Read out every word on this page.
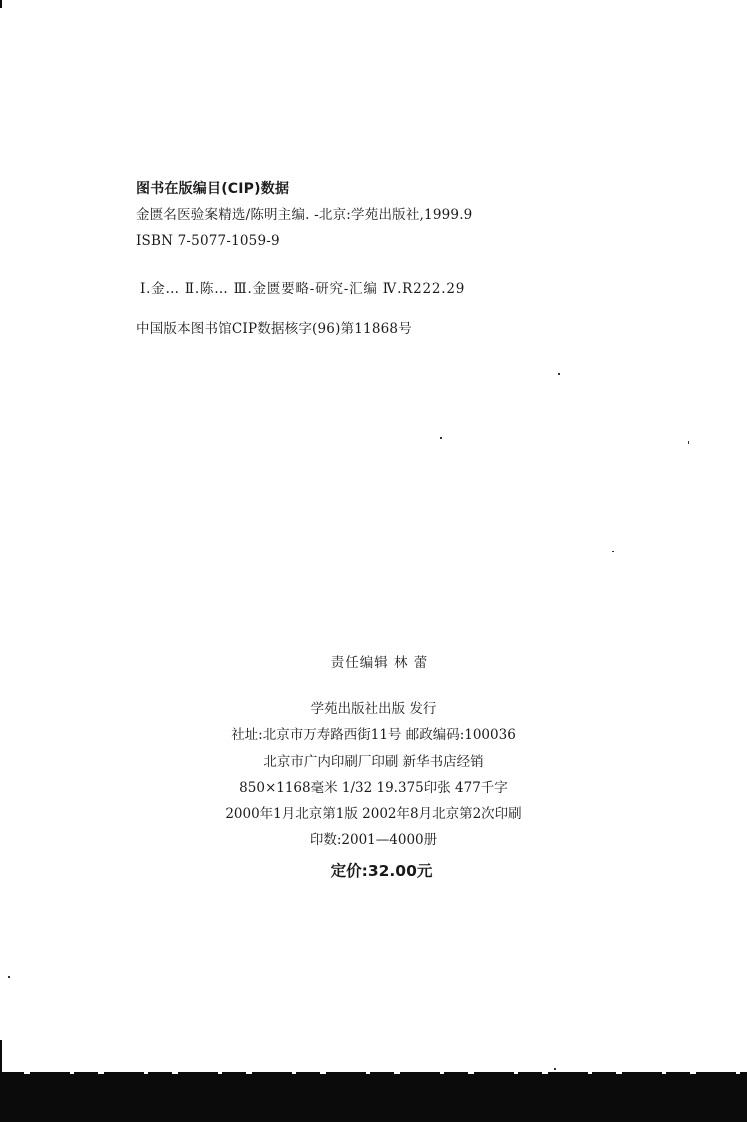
图书在版编目(CIP)数据
金匮名医验案精选/陈明主编. -北京:学苑出版社,1999.9
ISBN 7-5077-1059-9
Ⅰ.金… Ⅱ.陈… Ⅲ.金匮要略-研究-汇编 Ⅳ.R222.29
中国版本图书馆CIP数据核字(96)第11868号
责任编辑 林 蕾
学苑出版社出版 发行
社址:北京市万寿路西街11号 邮政编码:100036
北京市广内印刷厂印刷 新华书店经销
850×1168毫米 1/32 19.375印张 477千字
2000年1月北京第1版 2002年8月北京第2次印刷
印数:2001—4000册
定价:32.00元
